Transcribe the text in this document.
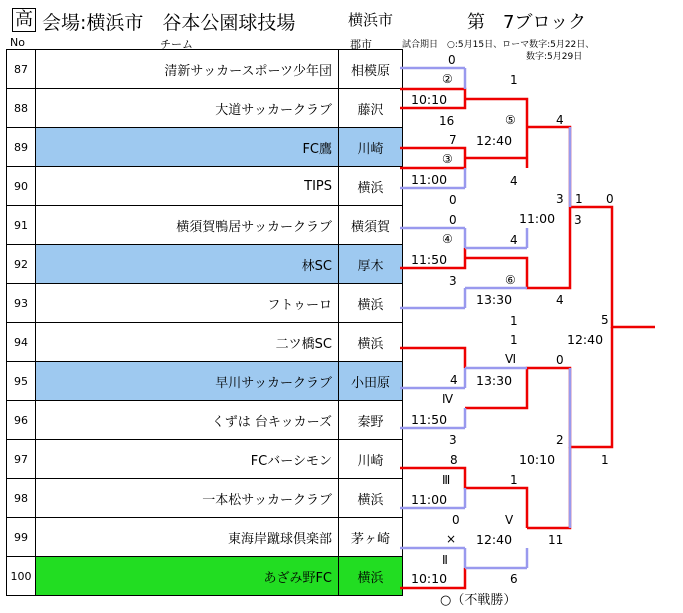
高 会場:横浜市　谷本公園球技場	横浜市	第　7ブロック
No	チーム	郡市	試合期日　○:5月15日、ローマ数字:5月22日、
数字:5月29日
87	清新サッカースポーツ少年団	相模原
88	大道サッカークラブ	藤沢
89	FC鷹	川崎
90	TIPS	横浜
91	横須賀鴨居サッカークラブ	横須賀
92	林SC	厚木
93	フトゥーロ	横浜
94	二ツ橋SC	横浜
95	早川サッカークラブ	小田原
96	くずは 台キッカーズ	秦野
97	FCバーシモン	川崎
98	一本松サッカークラブ	横浜
99	東海岸蹴球倶楽部	茅ヶ崎
100	あざみ野FC	横浜
0
②
10:10
16
1
⑤
12:40
4
7
③
11:00
0
4
3 1 0
11:00 3
0
④
11:50
3
4
⑥
13:30	4
1	5
12:40
1
Ⅵ	0
13:30
4
Ⅳ
11:50
3	2
10:10	1
8
Ⅲ	1
11:00
0	Ⅴ
× 12:40	11
Ⅱ
10:10	6
○（不戦勝）
